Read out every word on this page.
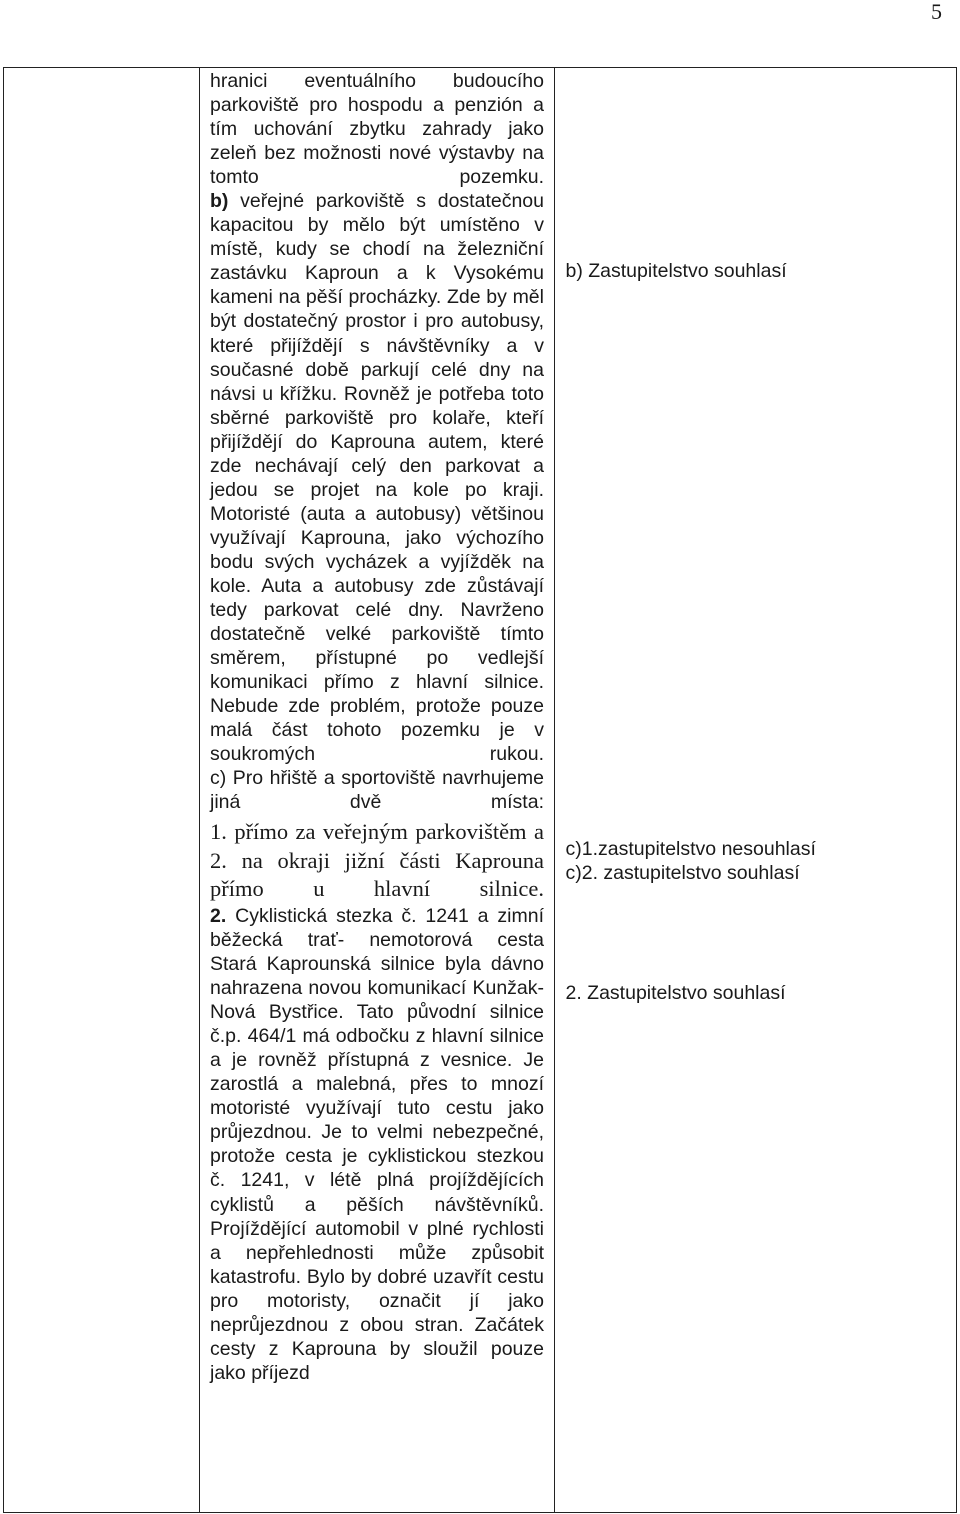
5

hranici eventuálního budoucího parkoviště pro hospodu a penzión a tím uchování zbytku zahrady jako zeleň bez možnosti nové výstavby na tomto pozemku.

b) veřejné parkoviště s dostatečnou kapacitou by mělo být umístěno v místě, kudy se chodí na železniční zastávku Kaproun a k Vysokému kameni na pěší procházky. Zde by měl být dostatečný prostor i pro autobusy, které přijíždějí s návštěvníky a v současné době parkují celé dny na návsi u křížku. Rovněž je potřeba toto sběrné parkoviště pro kolaře, kteří přijíždějí do Kaprouna autem, které zde nechávají celý den parkovat a jedou se projet na kole po kraji. Motoristé (auta a autobusy) většinou využívají Kaprouna, jako výchozího bodu svých vycházek a vyjížděk na kole. Auta a autobusy zde zůstávají tedy parkovat celé dny. Navrženo dostatečně velké parkoviště tímto směrem, přístupné po vedlejší komunikaci přímo z hlavní silnice. Nebude zde problém, protože pouze malá část tohoto pozemku je v soukromých rukou.

c) Pro hřiště a sportoviště navrhujeme jiná dvě místa:

1. přímo za veřejným parkovištěm a 2. na okraji jižní části Kaprouna přímo u hlavní silnice.

2. Cyklistická stezka č. 1241 a zimní běžecká trať- nemotorová cesta

Stará Kaprounská silnice byla dávno nahrazena novou komunikací Kunžak- Nová Bystřice. Tato původní silnice č.p. 464/1 má odbočku z hlavní silnice a je rovněž přístupná z vesnice. Je zarostlá a malebná, přes to mnozí motoristé využívají tuto cestu jako průjezdnou. Je to velmi nebezpečné, protože cesta je cyklistickou stezkou č. 1241, v létě plná projíždějících cyklistů a pěších návštěvníků. Projíždějící automobil v plné rychlosti a nepřehlednosti může způsobit katastrofu. Bylo by dobré uzavřít cestu pro motoristy, označit jí jako neprůjezdnou z obou stran. Začátek cesty z Kaprouna by sloužil pouze jako příjezd

b) Zastupitelstvo souhlasí
c)1.zastupitelstvo nesouhlasí
c)2. zastupitelstvo souhlasí
2. Zastupitelstvo souhlasí
